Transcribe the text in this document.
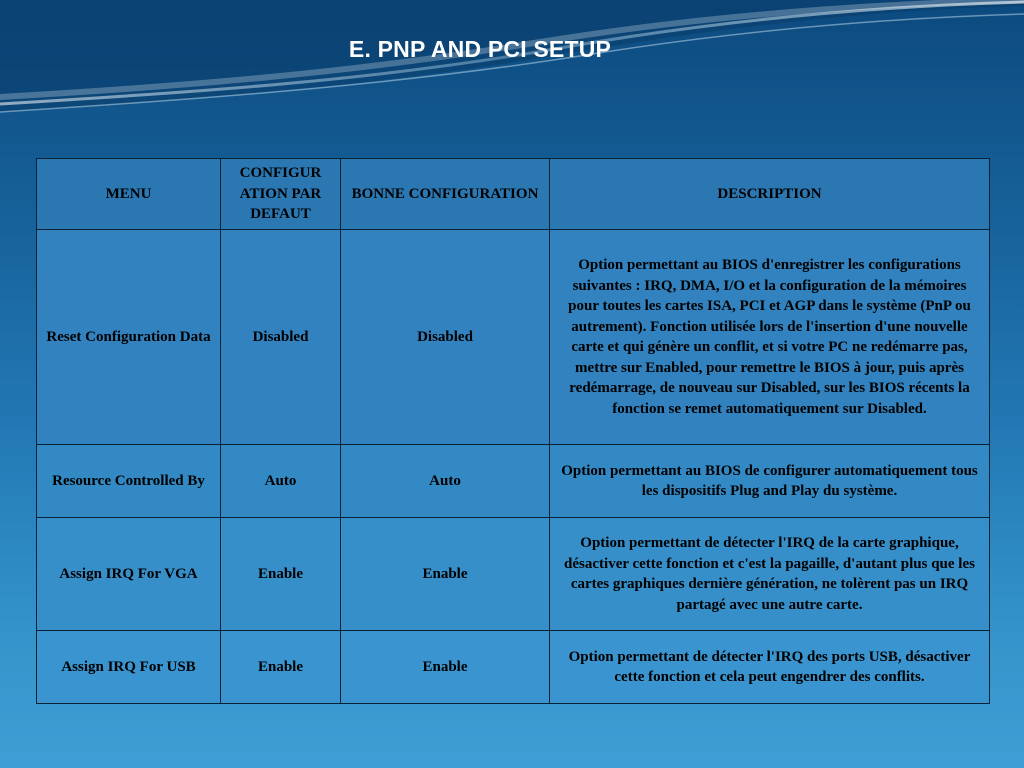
E. PNP AND PCI SETUP
MENU	CONFIGUR ATION PAR DEFAUT	BONNE CONFIGURATION	DESCRIPTION
Reset Configuration Data	Disabled	Disabled	Option permettant au BIOS d'enregistrer les configurations suivantes : IRQ, DMA, I/O et la configuration de la mémoires pour toutes les cartes ISA, PCI et AGP dans le système (PnP ou autrement). Fonction utilisée lors de l'insertion d'une nouvelle carte et qui génère un conflit, et si votre PC ne redémarre pas, mettre sur Enabled, pour remettre le BIOS à jour, puis après redémarrage, de nouveau sur Disabled, sur les BIOS récents la fonction se remet automatiquement sur Disabled.
Resource Controlled By	Auto	Auto	Option permettant au BIOS de configurer automatiquement tous les dispositifs Plug and Play du système.
Assign IRQ For VGA	Enable	Enable	Option permettant de détecter l'IRQ de la carte graphique, désactiver cette fonction et c'est la pagaille, d'autant plus que les cartes graphiques dernière génération, ne tolèrent pas un IRQ partagé avec une autre carte.
Assign IRQ For USB	Enable	Enable	Option permettant de détecter l'IRQ des ports USB, désactiver cette fonction et cela peut engendrer des conflits.
